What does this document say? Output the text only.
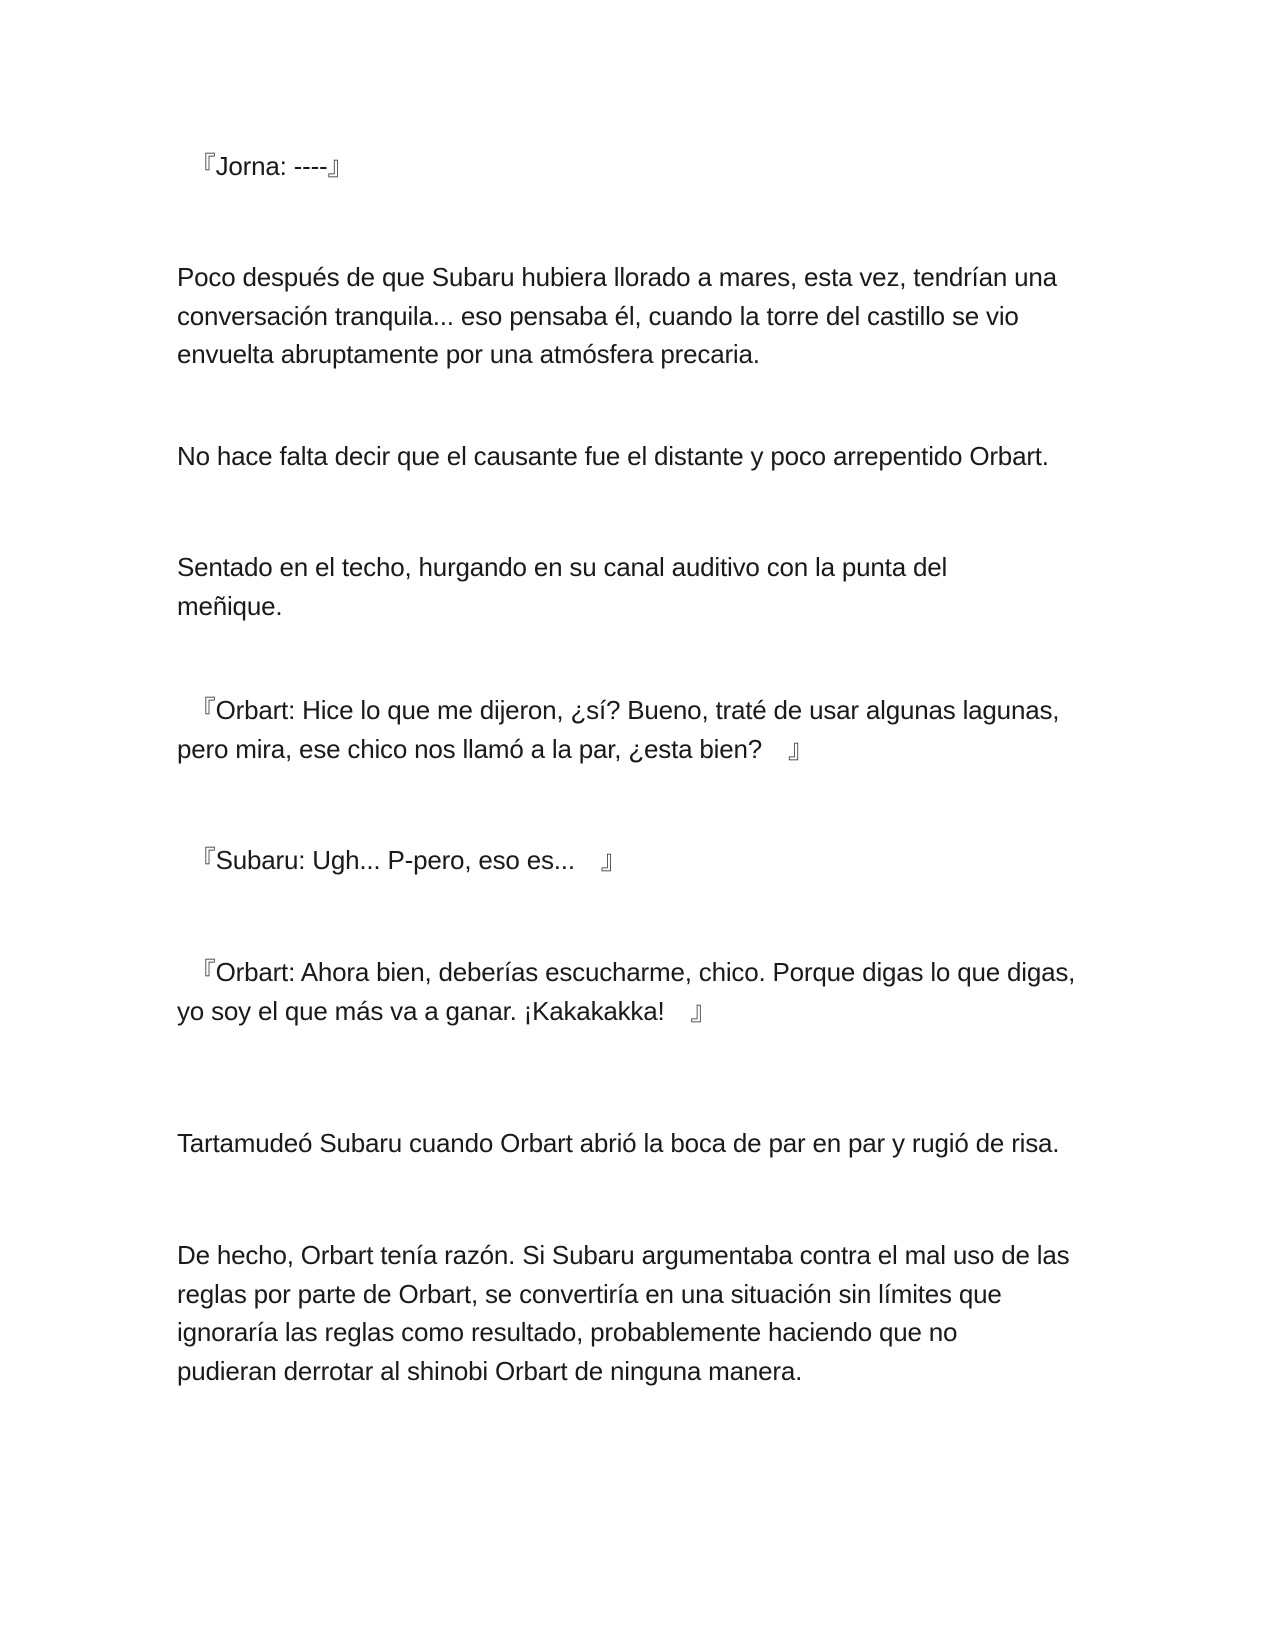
　『Jorna: ----』

Poco después de que Subaru hubiera llorado a mares, esta vez, tendrían una
conversación tranquila... eso pensaba él, cuando la torre del castillo se vio
envuelta abruptamente por una atmósfera precaria.

No hace falta decir que el causante fue el distante y poco arrepentido Orbart.

Sentado en el techo, hurgando en su canal auditivo con la punta del
meñique.

　『Orbart: Hice lo que me dijeron, ¿sí? Bueno, traté de usar algunas lagunas,
pero mira, ese chico nos llamó a la par, ¿esta bien?　』

　『Subaru: Ugh... P-pero, eso es...　』

　『Orbart: Ahora bien, deberías escucharme, chico. Porque digas lo que digas,
yo soy el que más va a ganar. ¡Kakakakka!　』

Tartamudeó Subaru cuando Orbart abrió la boca de par en par y rugió de risa.

De hecho, Orbart tenía razón. Si Subaru argumentaba contra el mal uso de las
reglas por parte de Orbart, se convertiría en una situación sin límites que
ignoraría las reglas como resultado, probablemente haciendo que no
pudieran derrotar al shinobi Orbart de ninguna manera.
